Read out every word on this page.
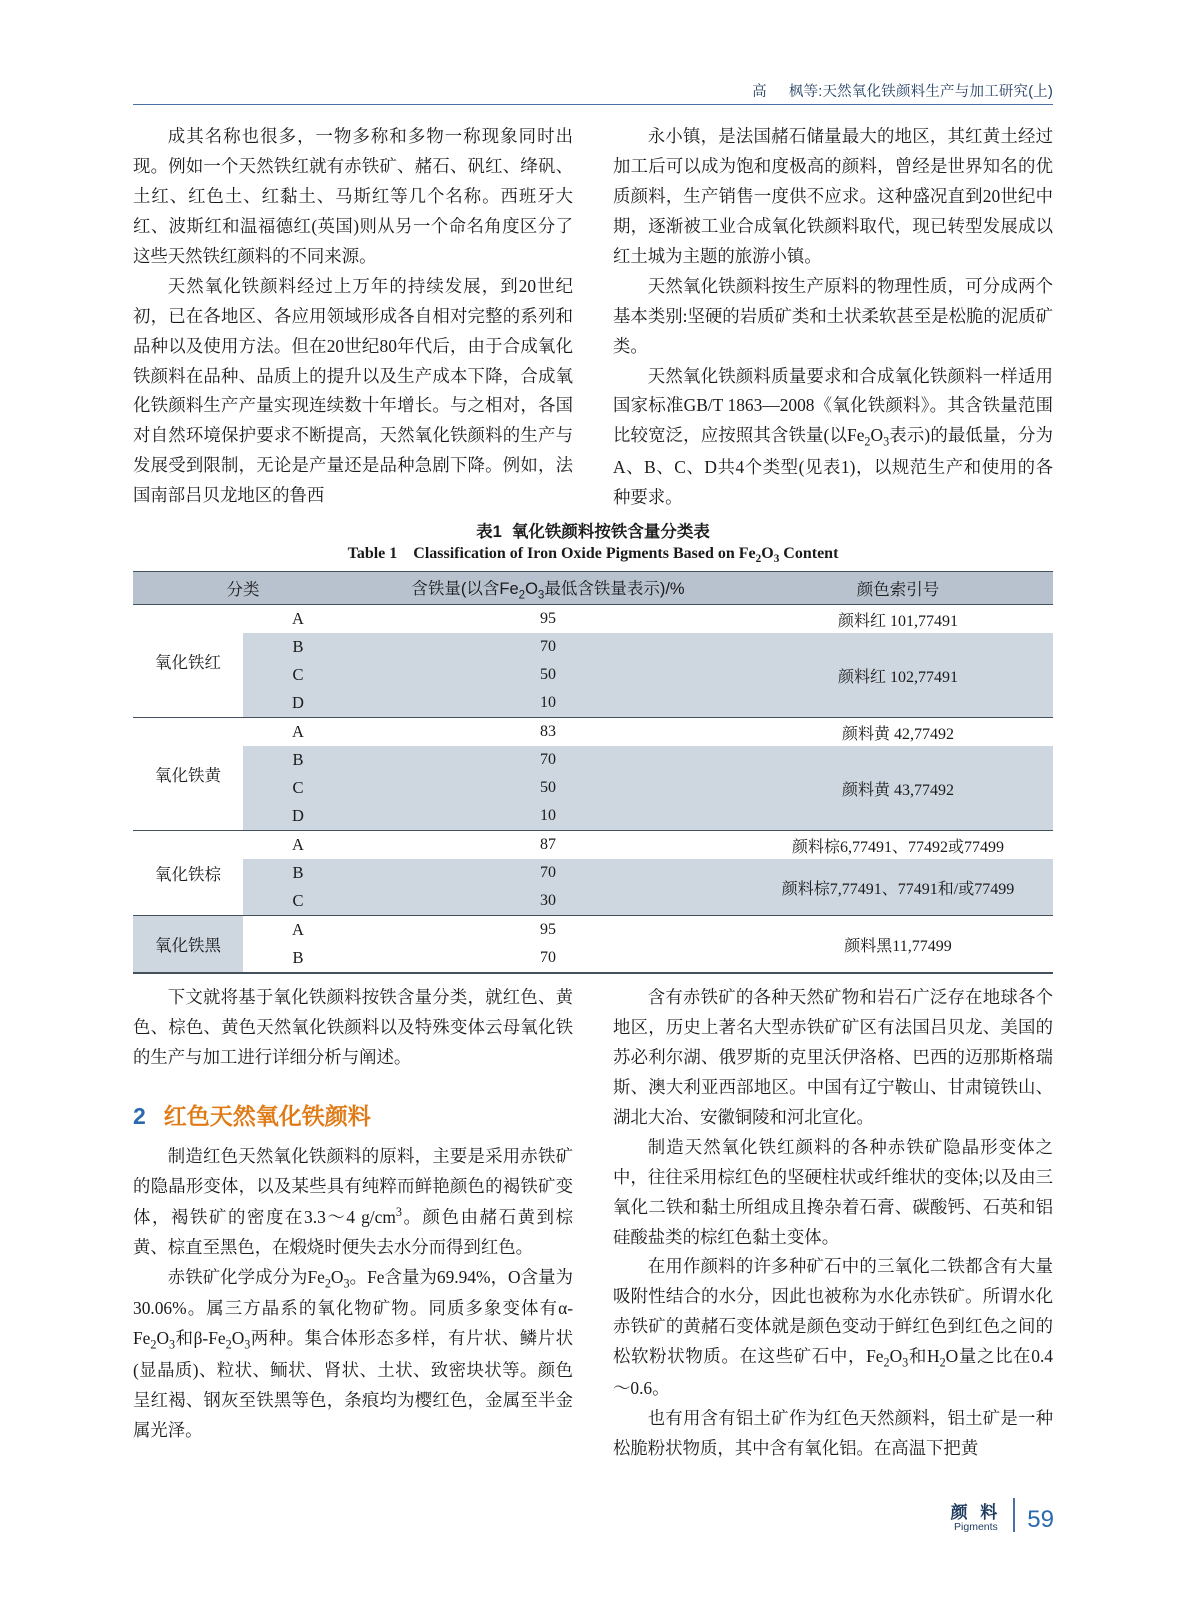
高 枫等:天然氧化铁颜料生产与加工研究(上)

成其名称也很多，一物多称和多物一称现象同时出现。例如一个天然铁红就有赤铁矿、赭石、矾红、绛矾、土红、红色土、红黏土、马斯红等几个名称。西班牙大红、波斯红和温福德红(英国)则从另一个命名角度区分了这些天然铁红颜料的不同来源。

天然氧化铁颜料经过上万年的持续发展，到20世纪初，已在各地区、各应用领域形成各自相对完整的系列和品种以及使用方法。但在20世纪80年代后，由于合成氧化铁颜料在品种、品质上的提升以及生产成本下降，合成氧化铁颜料生产产量实现连续数十年增长。与之相对，各国对自然环境保护要求不断提高，天然氧化铁颜料的生产与发展受到限制，无论是产量还是品种急剧下降。例如，法国南部吕贝龙地区的鲁西

永小镇，是法国赭石储量最大的地区，其红黄土经过加工后可以成为饱和度极高的颜料，曾经是世界知名的优质颜料，生产销售一度供不应求。这种盛况直到20世纪中期，逐渐被工业合成氧化铁颜料取代，现已转型发展成以红土城为主题的旅游小镇。

天然氧化铁颜料按生产原料的物理性质，可分成两个基本类别:坚硬的岩质矿类和土状柔软甚至是松脆的泥质矿类。

天然氧化铁颜料质量要求和合成氧化铁颜料一样适用国家标准GB/T 1863—2008《氧化铁颜料》。其含铁量范围比较宽泛，应按照其含铁量(以$Fe_2O_3$表示)的最低量，分为A、B、C、D共4个类型(见表1)，以规范生产和使用的各种要求。

表1 氧化铁颜料按铁含量分类表
Table 1 Classification of Iron Oxide Pigments Based on $Fe_2O_3$ Content
分类		含铁量(以含$Fe_2O_3$最低含铁量表示)/%	颜色索引号
氧化铁红	A	95	颜料红 101,77491
	B	70	颜料红 102,77491
	C	50	
	D	10	
氧化铁黄	A	83	颜料黄 42,77492
	B	70	颜料黄 43,77492
	C	50	
	D	10	
氧化铁棕	A	87	颜料棕6,77491、77492或77499
	B	70	颜料棕7,77491、77491和/或77499
	C	30	
氧化铁黑	A	95	颜料黑11,77499
	B	70	

下文就将基于氧化铁颜料按铁含量分类，就红色、黄色、棕色、黄色天然氧化铁颜料以及特殊变体云母氧化铁的生产与加工进行详细分析与阐述。

2 红色天然氧化铁颜料

制造红色天然氧化铁颜料的原料，主要是采用赤铁矿的隐晶形变体，以及某些具有纯粹而鲜艳颜色的褐铁矿变体，褐铁矿的密度在3.3～4 $g/cm^3$。颜色由赭石黄到棕黄、棕直至黑色，在煅烧时便失去水分而得到红色。

赤铁矿化学成分为$Fe_2O_3$。Fe含量为69.94%，O含量为30.06%。属三方晶系的氧化物矿物。同质多象变体有$\alpha-Fe_2O_3$和$\beta-Fe_2O_3$两种。集合体形态多样，有片状、鳞片状(显晶质)、粒状、鲕状、肾状、土状、致密块状等。颜色呈红褐、钢灰至铁黑等色，条痕均为樱红色，金属至半金属光泽。

含有赤铁矿的各种天然矿物和岩石广泛存在地球各个地区，历史上著名大型赤铁矿矿区有法国吕贝龙、美国的苏必利尔湖、俄罗斯的克里沃伊洛格、巴西的迈那斯格瑞斯、澳大利亚西部地区。中国有辽宁鞍山、甘肃镜铁山、湖北大冶、安徽铜陵和河北宣化。

制造天然氧化铁红颜料的各种赤铁矿隐晶形变体之中，往往采用棕红色的坚硬柱状或纤维状的变体;以及由三氧化二铁和黏土所组成且搀杂着石膏、碳酸钙、石英和铝硅酸盐类的棕红色黏土变体。

在用作颜料的许多种矿石中的三氧化二铁都含有大量吸附性结合的水分，因此也被称为水化赤铁矿。所谓水化赤铁矿的黄赭石变体就是颜色变动于鲜红色到红色之间的松软粉状物质。在这些矿石中，$Fe_2O_3$和$H_2O$量之比在0.4～0.6。

也有用含有铝土矿作为红色天然颜料，铝土矿是一种松脆粉状物质，其中含有氧化铝。在高温下把黄

颜 料
Pigments 59
